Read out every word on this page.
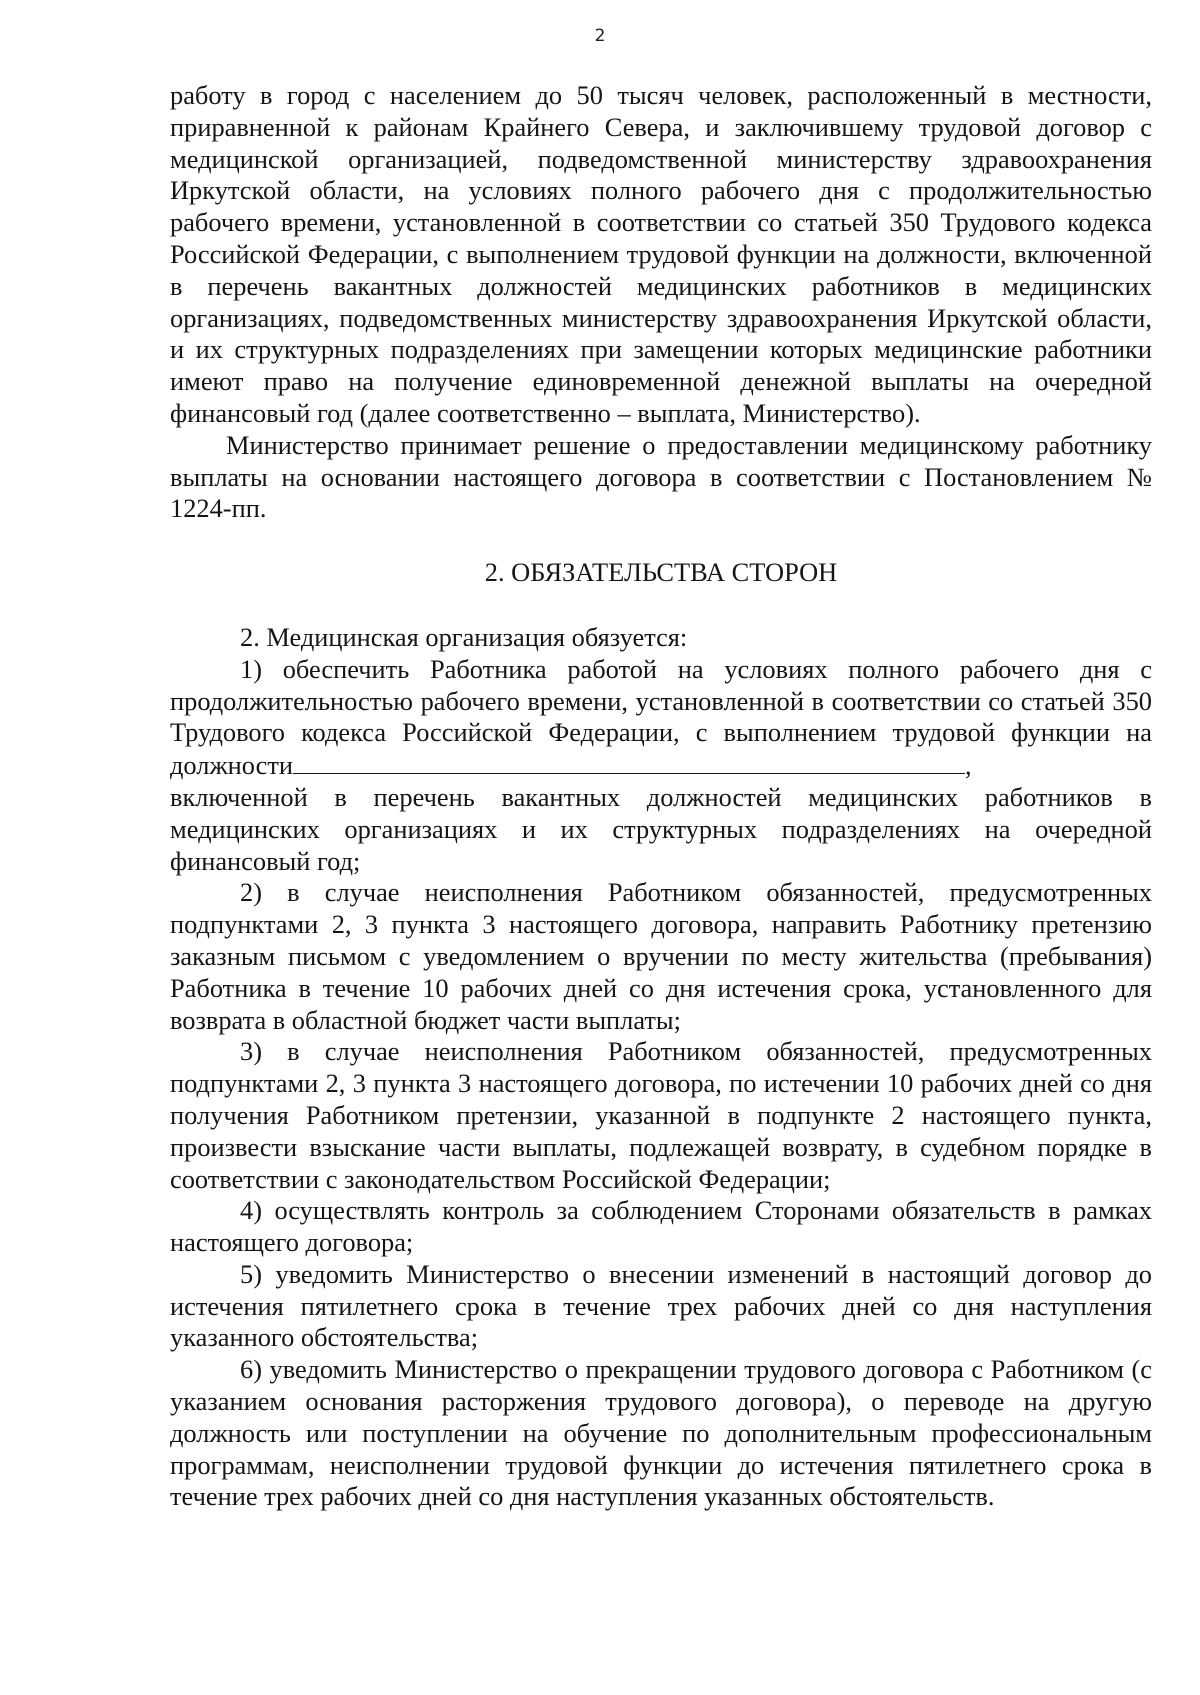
2

работу в город с населением до 50 тысяч человек, расположенный в местности, приравненной к районам Крайнего Севера, и заключившему трудовой договор с медицинской организацией, подведомственной министерству здравоохранения Иркутской области, на условиях полного рабочего дня с продолжительностью рабочего времени, установленной в соответствии со статьей 350 Трудового кодекса Российской Федерации, с выполнением трудовой функции на должности, включенной в перечень вакантных должностей медицинских работников в медицинских организациях, подведомственных министерству здравоохранения Иркутской области, и их структурных подразделениях при замещении которых медицинские работники имеют право на получение единовременной денежной выплаты на очередной финансовый год (далее соответственно – выплата, Министерство).

Министерство принимает решение о предоставлении медицинскому работнику выплаты на основании настоящего договора в соответствии с Постановлением № 1224-пп.

2. ОБЯЗАТЕЛЬСТВА СТОРОН

2. Медицинская организация обязуется:

1) обеспечить Работника работой на условиях полного рабочего дня с продолжительностью рабочего времени, установленной в соответствии со статьей 350 Трудового кодекса Российской Федерации, с выполнением трудовой функции на должности	,

включенной в перечень вакантных должностей медицинских работников в медицинских организациях и их структурных подразделениях на очередной финансовый год;

2) в случае неисполнения Работником обязанностей, предусмотренных подпунктами 2, 3 пункта 3 настоящего договора, направить Работнику претензию заказным письмом с уведомлением о вручении по месту жительства (пребывания) Работника в течение 10 рабочих дней со дня истечения срока, установленного для возврата в областной бюджет части выплаты;

3) в случае неисполнения Работником обязанностей, предусмотренных подпунктами 2, 3 пункта 3 настоящего договора, по истечении 10 рабочих дней со дня получения Работником претензии, указанной в подпункте 2 настоящего пункта, произвести взыскание части выплаты, подлежащей возврату, в судебном порядке в соответствии с законодательством Российской Федерации;

4) осуществлять контроль за соблюдением Сторонами обязательств в рамках настоящего договора;

5) уведомить Министерство о внесении изменений в настоящий договор до истечения пятилетнего срока в течение трех рабочих дней со дня наступления указанного обстоятельства;

6) уведомить Министерство о прекращении трудового договора с Работником (с указанием основания расторжения трудового договора), о переводе на другую должность или поступлении на обучение по дополнительным профессиональным программам, неисполнении трудовой функции до истечения пятилетнего срока в течение трех рабочих дней со дня наступления указанных обстоятельств.
